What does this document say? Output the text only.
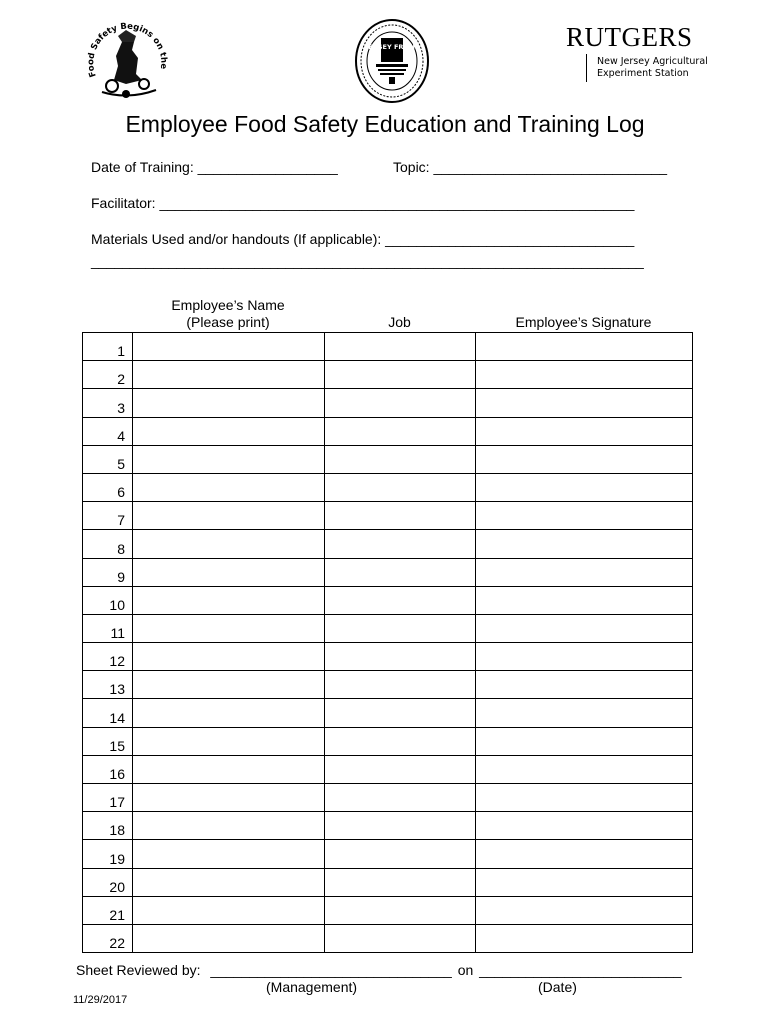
Food Safety Begins on the
JERSEY FRESH	RUTGERS
New Jersey Agricultural
Experiment Station
Employee Food Safety Education and Training Log
Date of Training: __________________	Topic: ______________________________
Facilitator: _____________________________________________________________
Materials Used and/or handouts (If applicable): ________________________________
_______________________________________________________________________
Employee’s Name
(Please print)	Job	Employee’s Signature
1			
2			
3			
4			
5			
6			
7			
8			
9			
10			
11			
12			
13			
14			
15			
16			
17			
18			
19			
20			
21			
22			
Sheet Reviewed by: _______________________________ on __________________________
(Management)	(Date)
11/29/2017
